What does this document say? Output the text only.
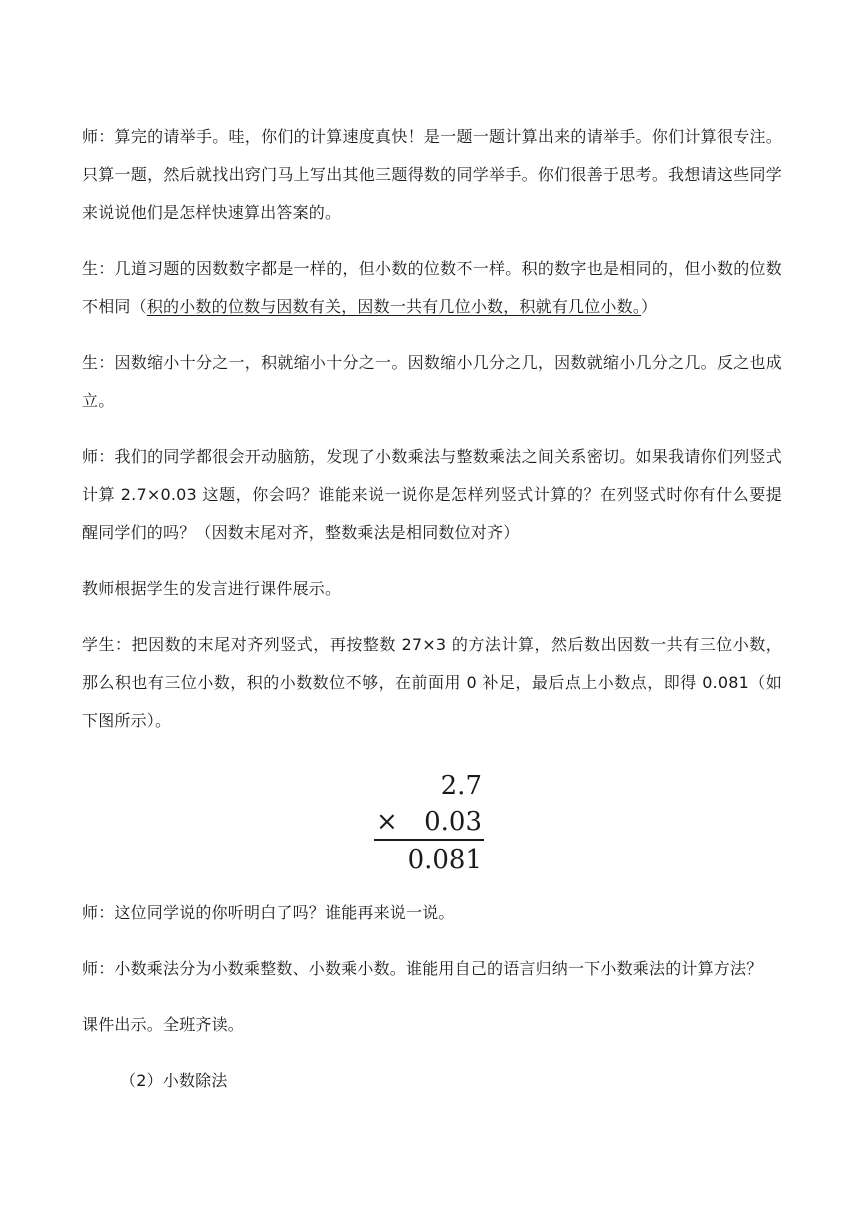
师：算完的请举手。哇，你们的计算速度真快！是一题一题计算出来的请举手。你们计算很专注。只算一题，然后就找出窍门马上写出其他三题得数的同学举手。你们很善于思考。我想请这些同学来说说他们是怎样快速算出答案的。

生：几道习题的因数数字都是一样的，但小数的位数不一样。积的数字也是相同的，但小数的位数不相同（积的小数的位数与因数有关，因数一共有几位小数，积就有几位小数。）

生：因数缩小十分之一，积就缩小十分之一。因数缩小几分之几，因数就缩小几分之几。反之也成立。

师：我们的同学都很会开动脑筋，发现了小数乘法与整数乘法之间关系密切。如果我请你们列竖式计算 2.7×0.03 这题，你会吗？谁能来说一说你是怎样列竖式计算的？在列竖式时你有什么要提醒同学们的吗？（因数末尾对齐，整数乘法是相同数位对齐）

教师根据学生的发言进行课件展示。

学生：把因数的末尾对齐列竖式，再按整数 27×3 的方法计算，然后数出因数一共有三位小数，那么积也有三位小数，积的小数数位不够，在前面用 0 补足，最后点上小数点，即得 0.081（如下图所示）。

2.7
× 0.03
0.081

师：这位同学说的你听明白了吗？谁能再来说一说。

师：小数乘法分为小数乘整数、小数乘小数。谁能用自己的语言归纳一下小数乘法的计算方法？

课件出示。全班齐读。

（2）小数除法
